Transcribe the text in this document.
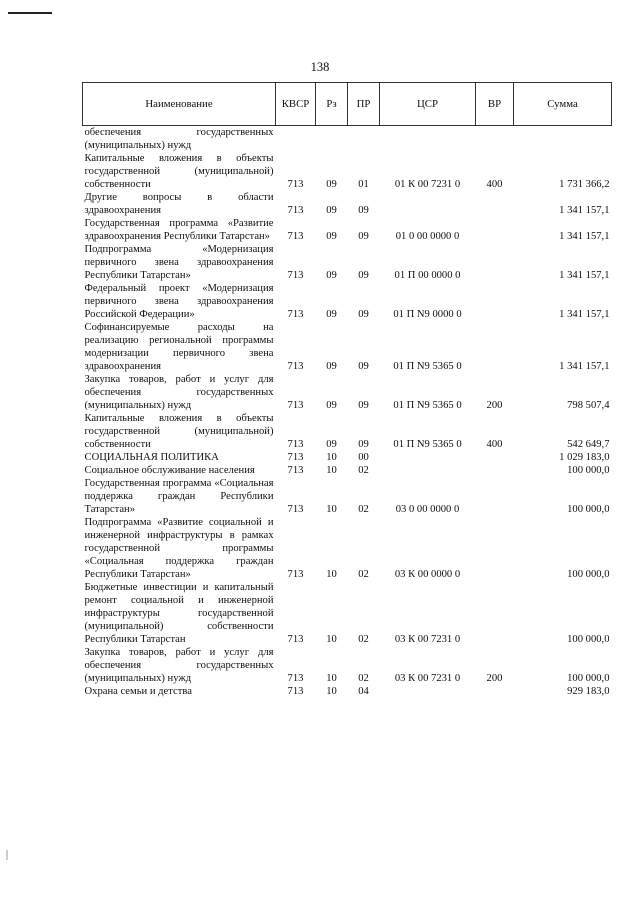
138
Наименование	КВСР	Рз	ПР	ЦСР	ВР	Сумма
обеспечения государственных (муниципальных) нужд						
Капитальные вложения в объекты государственной (муниципальной) собственности	713	09	01	01 К 00 7231 0	400	1 731 366,2
Другие вопросы в области здравоохранения	713	09	09			1 341 157,1
Государственная программа «Развитие здравоохранения Республики Татарстан»	713	09	09	01 0 00 0000 0		1 341 157,1
Подпрограмма «Модернизация первичного звена здравоохранения Республики Татарстан»	713	09	09	01 П 00 0000 0		1 341 157,1
Федеральный проект «Модернизация первичного звена здравоохранения Российской Федерации»	713	09	09	01 П N9 0000 0		1 341 157,1
Софинансируемые расходы на реализацию региональной программы модернизации первичного звена здравоохранения	713	09	09	01 П N9 5365 0		1 341 157,1
Закупка товаров, работ и услуг для обеспечения государственных (муниципальных) нужд	713	09	09	01 П N9 5365 0	200	798 507,4
Капитальные вложения в объекты государственной (муниципальной) собственности	713	09	09	01 П N9 5365 0	400	542 649,7
СОЦИАЛЬНАЯ ПОЛИТИКА	713	10	00			1 029 183,0
Социальное обслуживание населения	713	10	02			100 000,0
Государственная программа «Социальная поддержка граждан Республики Татарстан»	713	10	02	03 0 00 0000 0		100 000,0
Подпрограмма «Развитие социальной и инженерной инфраструктуры в рамках государственной программы «Социальная поддержка граждан Республики Татарстан»	713	10	02	03 К 00 0000 0		100 000,0
Бюджетные инвестиции и капитальный ремонт социальной и инженерной инфраструктуры государственной (муниципальной) собственности Республики Татарстан	713	10	02	03 К 00 7231 0		100 000,0
Закупка товаров, работ и услуг для обеспечения государственных (муниципальных) нужд	713	10	02	03 К 00 7231 0	200	100 000,0
Охрана семьи и детства	713	10	04			929 183,0
